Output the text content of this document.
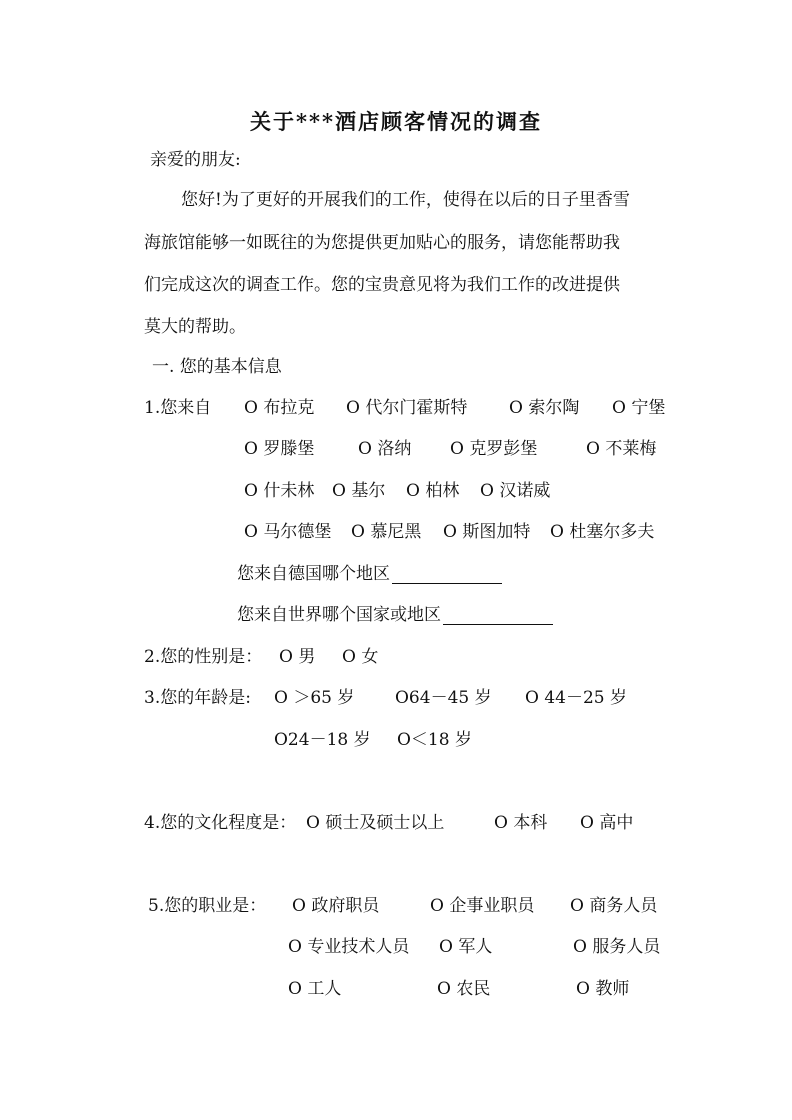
关于***酒店顾客情况的调查
亲爱的朋友:
您好!为了更好的开展我们的工作，使得在以后的日子里香雪
海旅馆能够一如既往的为您提供更加贴心的服务，请您能帮助我
们完成这次的调查工作。您的宝贵意见将为我们工作的改进提供
莫大的帮助。
一. 您的基本信息
1.您来自 O 布拉克 O 代尔门霍斯特 O 索尔陶 O 宁堡
O 罗滕堡	O 洛纳 O 克罗彭堡	O 不莱梅
O 什未林 O 基尔 O 柏林 O 汉诺威
O 马尔德堡 O 慕尼黑 O 斯图加特 O 杜塞尔多夫
您来自德国哪个地区
您来自世界哪个国家或地区
2.您的性别是： O 男 O 女
3.您的年龄是: O ＞65 岁 O64－45 岁 O 44－25 岁
O24－18 岁 O＜18 岁
4.您的文化程度是： O 硕士及硕士以上	O 本科 O 高中
5.您的职业是： O 政府职员	O 企事业职员 O 商务人员
O 专业技术人员 O 军人	O 服务人员
O 工人	O 农民	O 教师
